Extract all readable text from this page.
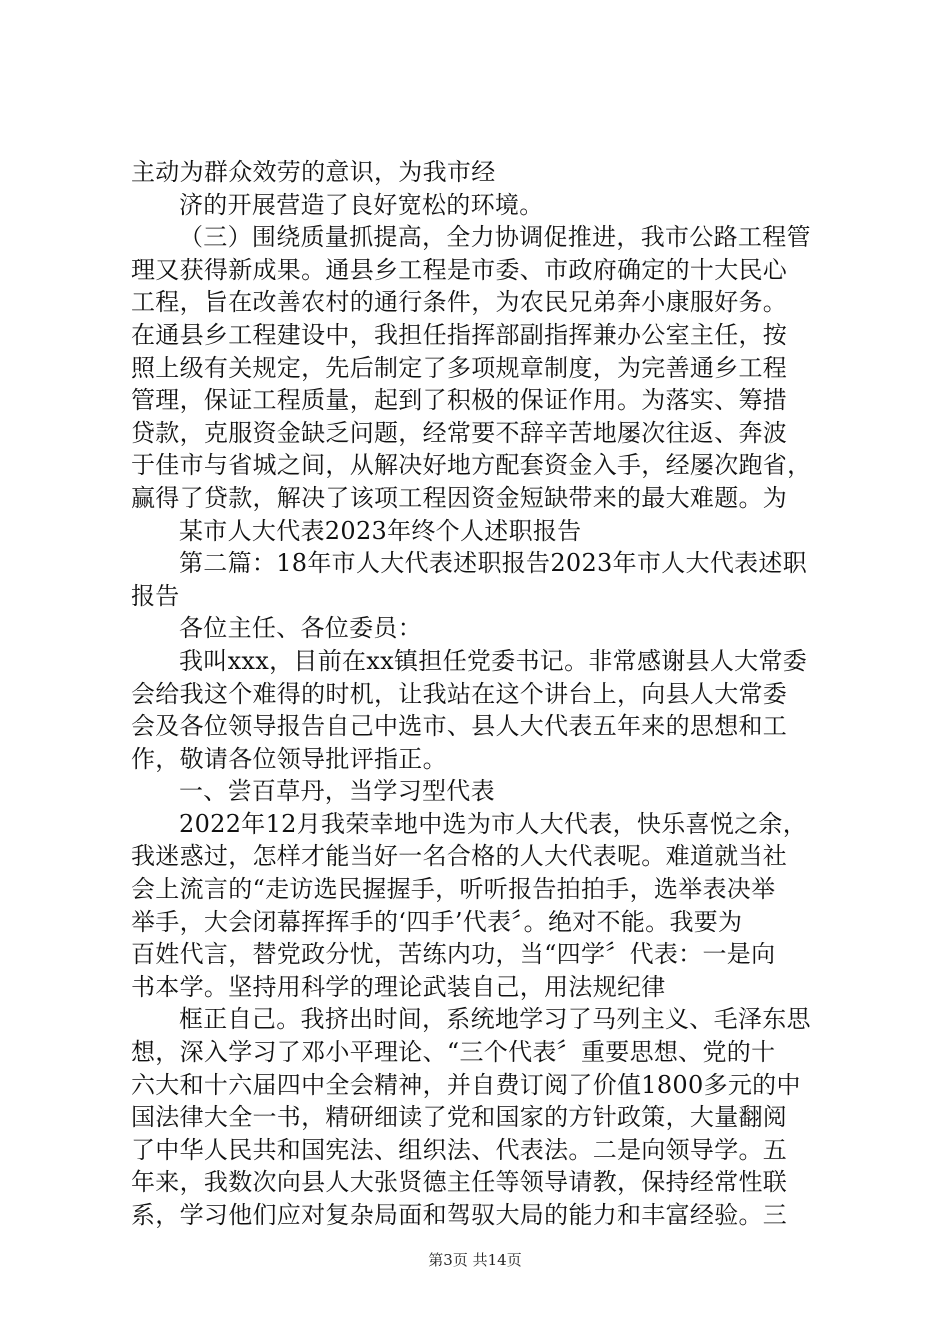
主动为群众效劳的意识，为我市经
济的开展营造了良好宽松的环境。
（三）围绕质量抓提高，全力协调促推进，我市公路工程管
理又获得新成果。通县乡工程是市委、市政府确定的十大民心
工程，旨在改善农村的通行条件，为农民兄弟奔小康服好务。
在通县乡工程建设中，我担任指挥部副指挥兼办公室主任，按
照上级有关规定，先后制定了多项规章制度，为完善通乡工程
管理，保证工程质量，起到了积极的保证作用。为落实、筹措
贷款，克服资金缺乏问题，经常要不辞辛苦地屡次往返、奔波
于佳市与省城之间，从解决好地方配套资金入手，经屡次跑省，
赢得了贷款，解决了该项工程因资金短缺带来的最大难题。为
某市人大代表2023年终个人述职报告
第二篇：18年市人大代表述职报告2023年市人大代表述职
报告
各位主任、各位委员：
我叫xxx，目前在xx镇担任党委书记。非常感谢县人大常委
会给我这个难得的时机，让我站在这个讲台上，向县人大常委
会及各位领导报告自己中选市、县人大代表五年来的思想和工
作，敬请各位领导批评指正。
一、尝百草丹，当学习型代表
2022年12月我荣幸地中选为市人大代表，快乐喜悦之余，
我迷惑过，怎样才能当好一名合格的人大代表呢。难道就当社
会上流言的“走访选民握握手，听听报告拍拍手，选举表决举
举手，大会闭幕挥挥手的‘四手’代表〞。绝对不能。我要为
百姓代言，替党政分忧，苦练内功，当“四学〞代表：一是向
书本学。坚持用科学的理论武装自己，用法规纪律
框正自己。我挤出时间，系统地学习了马列主义、毛泽东思
想，深入学习了邓小平理论、“三个代表〞重要思想、党的十
六大和十六届四中全会精神，并自费订阅了价值1800多元的中
国法律大全一书，精研细读了党和国家的方针政策，大量翻阅
了中华人民共和国宪法、组织法、代表法。二是向领导学。五
年来，我数次向县人大张贤德主任等领导请教，保持经常性联
系，学习他们应对复杂局面和驾驭大局的能力和丰富经验。三
第3页 共14页
